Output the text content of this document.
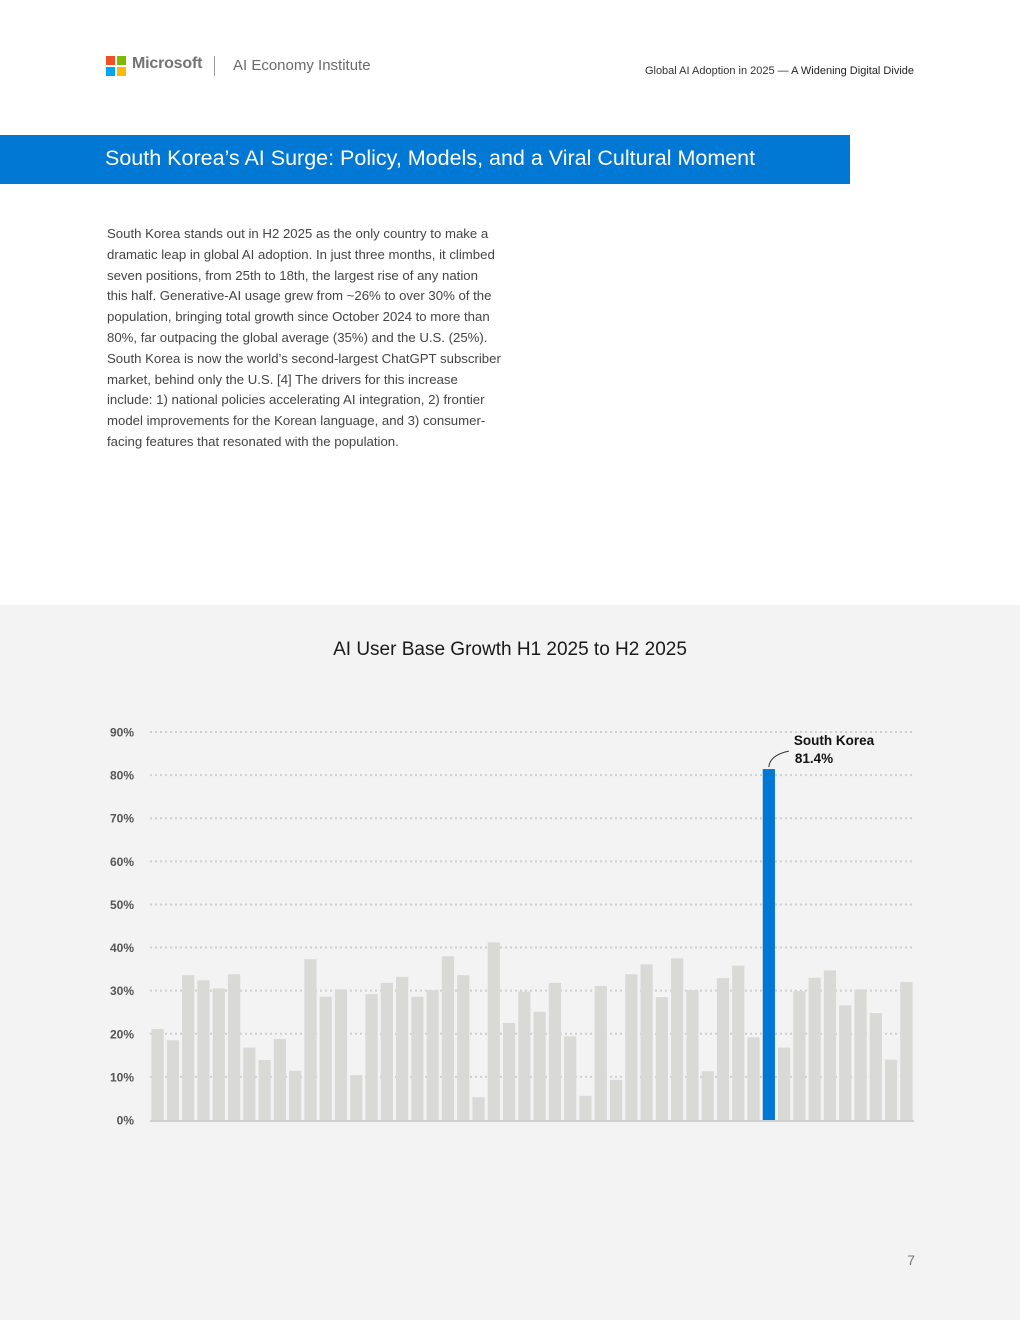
Microsoft AI Economy Institute	Global AI Adoption in 2025 — A Widening Digital Divide
South Korea’s AI Surge: Policy, Models, and a Viral Cultural Moment

South Korea stands out in H2 2025 as the only country to make a dramatic leap in global AI adoption. In just three months, it climbed seven positions, from 25th to 18th, the largest rise of any nation this half. Generative-AI usage grew from ~26% to over 30% of the population, bringing total growth since October 2024 to more than 80%, far outpacing the global average (35%) and the U.S. (25%). South Korea is now the world’s second-largest ChatGPT subscriber market, behind only the U.S. [4] The drivers for this increase include: 1) national policies accelerating AI integration, 2) frontier model improvements for the Korean language, and 3) consumer-facing features that resonated with the population.

AI User Base Growth H1 2025 to H2 2025
0%
10%
20%
30%
40%
50%
60%
70%
80%
90%
South Korea
81.4%
7
